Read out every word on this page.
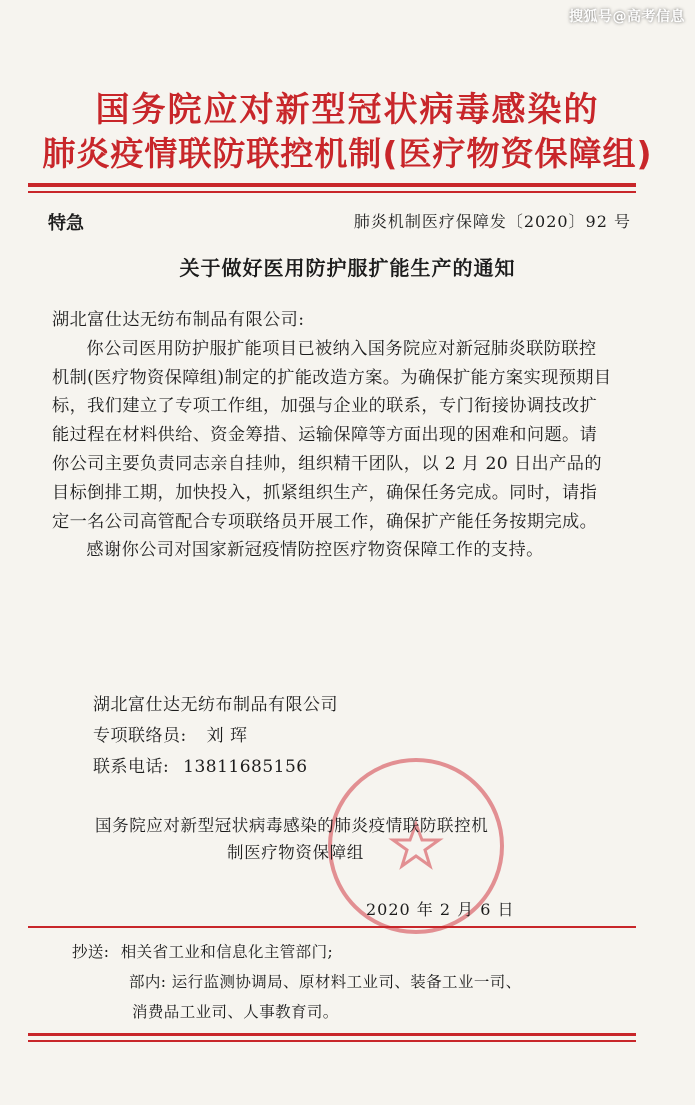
搜狐号@高考信息
国务院应对新型冠状病毒感染的
肺炎疫情联防联控机制(医疗物资保障组)
特急	肺炎机制医疗保障发〔2020〕92 号
关于做好医用防护服扩能生产的通知

湖北富仕达无纺布制品有限公司:

你公司医用防护服扩能项目已被纳入国务院应对新冠肺炎联防联控机制(医疗物资保障组)制定的扩能改造方案。为确保扩能方案实现预期目标，我们建立了专项工作组，加强与企业的联系，专门衔接协调技改扩能过程在材料供给、资金筹措、运输保障等方面出现的困难和问题。请你公司主要负责同志亲自挂帅，组织精干团队，以 2 月 20 日出产品的目标倒排工期，加快投入，抓紧组织生产，确保任务完成。同时，请指定一名公司高管配合专项联络员开展工作，确保扩产能任务按期完成。

感谢你公司对国家新冠疫情防控医疗物资保障工作的支持。

湖北富仕达无纺布制品有限公司
专项联络员: 刘 珲
联系电话: 13811685156
国务院应对新型冠状病毒感染的肺炎疫情联防联控机
制医疗物资保障组
2020 年 2 月 6 日
抄送: 相关省工业和信息化主管部门;
部内: 运行监测协调局、原材料工业司、装备工业一司、
消费品工业司、人事教育司。
